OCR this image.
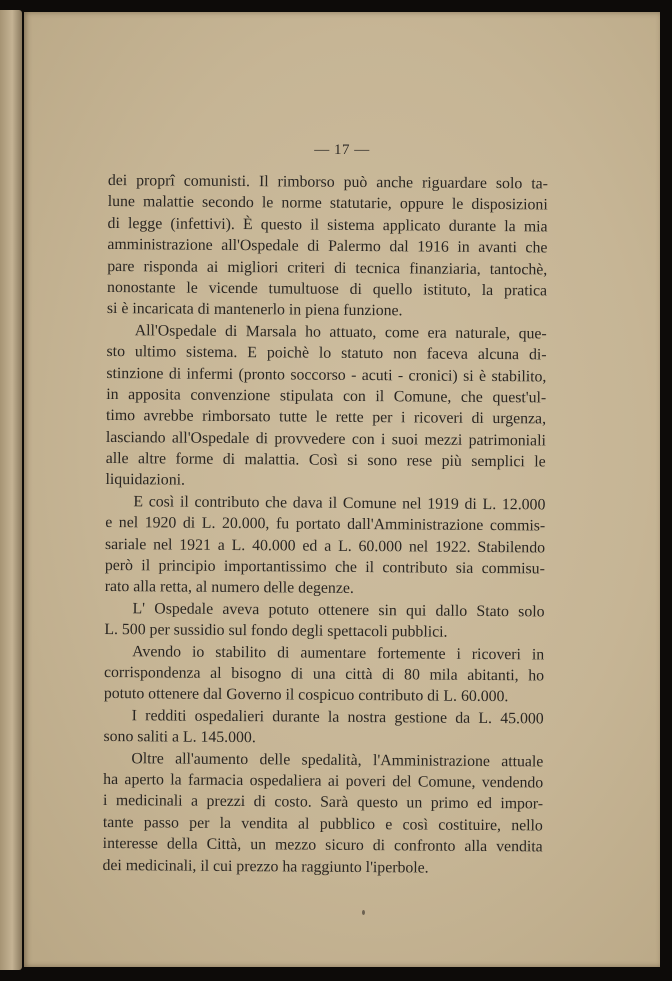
— 17 —
dei proprî comunisti. Il rimborso può anche riguardare solo ta-
lune malattie secondo le norme statutarie, oppure le disposizioni
di legge (infettivi). È questo il sistema applicato durante la mia
amministrazione all'Ospedale di Palermo dal 1916 in avanti che
pare risponda ai migliori criteri di tecnica finanziaria, tantochè,
nonostante le vicende tumultuose di quello istituto, la pratica
si è incaricata di mantenerlo in piena funzione.
All'Ospedale di Marsala ho attuato, come era naturale, que-
sto ultimo sistema. E poichè lo statuto non faceva alcuna di-
stinzione di infermi (pronto soccorso - acuti - cronici) si è stabilito,
in apposita convenzione stipulata con il Comune, che quest'ul-
timo avrebbe rimborsato tutte le rette per i ricoveri di urgenza,
lasciando all'Ospedale di provvedere con i suoi mezzi patrimoniali
alle altre forme di malattia. Così si sono rese più semplici le
liquidazioni.
E così il contributo che dava il Comune nel 1919 di L. 12.000
e nel 1920 di L. 20.000, fu portato dall'Amministrazione commis-
sariale nel 1921 a L. 40.000 ed a L. 60.000 nel 1922. Stabilendo
però il principio importantissimo che il contributo sia commisu-
rato alla retta, al numero delle degenze.
L' Ospedale aveva potuto ottenere sin qui dallo Stato solo
L. 500 per sussidio sul fondo degli spettacoli pubblici.
Avendo io stabilito di aumentare fortemente i ricoveri in
corrispondenza al bisogno di una città di 80 mila abitanti, ho
potuto ottenere dal Governo il cospicuo contributo di L. 60.000.
I redditi ospedalieri durante la nostra gestione da L. 45.000
sono saliti a L. 145.000.
Oltre all'aumento delle spedalità, l'Amministrazione attuale
ha aperto la farmacia ospedaliera ai poveri del Comune, vendendo
i medicinali a prezzi di costo. Sarà questo un primo ed impor-
tante passo per la vendita al pubblico e così costituire, nello
interesse della Città, un mezzo sicuro di confronto alla vendita
dei medicinali, il cui prezzo ha raggiunto l'iperbole.
